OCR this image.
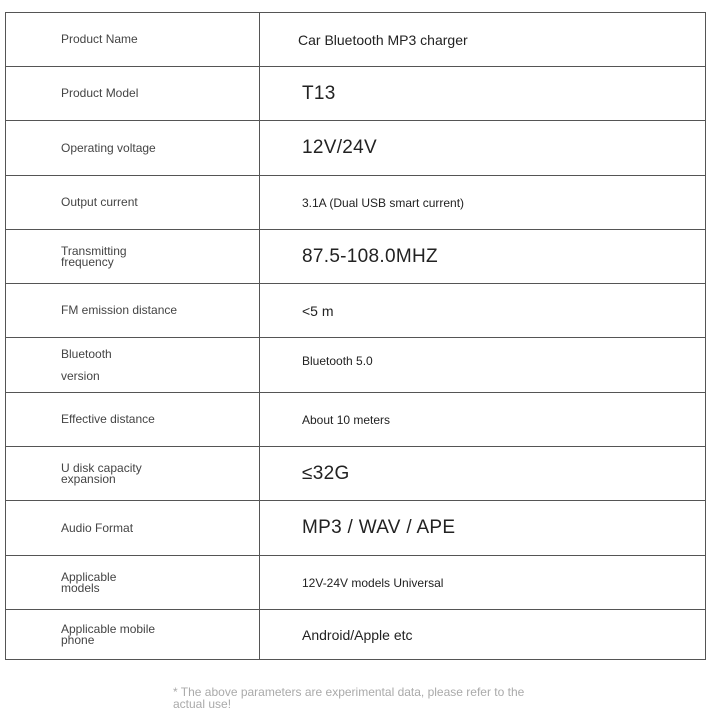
Product Name	Car Bluetooth MP3 charger
Product Model	T13
Operating voltage	12V/24V
Output current	3.1A (Dual USB smart current)

Transmitting frequency	87.5-108.0MHZ
FM emission distance	<5 m

Bluetooth version	Bluetooth 5.0
Effective distance	About 10 meters

U disk capacity expansion	≤32G
Audio Format	MP3 / WAV / APE

Applicable models	12V-24V models Universal

Applicable mobile phone	Android/Apple etc
* The above parameters are experimental data, please refer to the actual use!
